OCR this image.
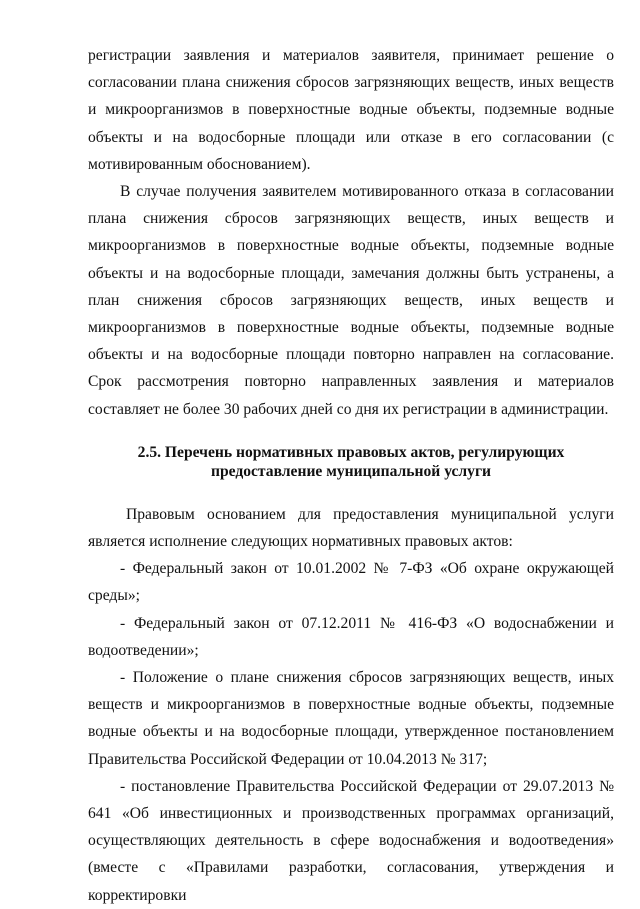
регистрации заявления и материалов заявителя, принимает решение о согласовании плана снижения сбросов загрязняющих веществ, иных веществ и микроорганизмов в поверхностные водные объекты, подземные водные объекты и на водосборные площади или отказе в его согласовании (с мотивированным обоснованием).

В случае получения заявителем мотивированного отказа в согласовании плана снижения сбросов загрязняющих веществ, иных веществ и микроорганизмов в поверхностные водные объекты, подземные водные объекты и на водосборные площади, замечания должны быть устранены, а план снижения сбросов загрязняющих веществ, иных веществ и микроорганизмов в поверхностные водные объекты, подземные водные объекты и на водосборные площади повторно направлен на согласование. Срок рассмотрения повторно направленных заявления и материалов составляет не более 30 рабочих дней со дня их регистрации в администрации.

2.5. Перечень нормативных правовых актов, регулирующих
предоставление муниципальной услуги

Правовым основанием для предоставления муниципальной услуги является исполнение следующих нормативных правовых актов:

- Федеральный закон от 10.01.2002 № 7-ФЗ «Об охране окружающей среды»;

- Федеральный закон от 07.12.2011 № 416-ФЗ «О водоснабжении и водоотведении»;

- Положение о плане снижения сбросов загрязняющих веществ, иных веществ и микроорганизмов в поверхностные водные объекты, подземные водные объекты и на водосборные площади, утвержденное постановлением Правительства Российской Федерации от 10.04.2013 № 317;

- постановление Правительства Российской Федерации от 29.07.2013 № 641 «Об инвестиционных и производственных программах организаций, осуществляющих деятельность в сфере водоснабжения и водоотведения» (вместе с «Правилами разработки, согласования, утверждения и корректировки
